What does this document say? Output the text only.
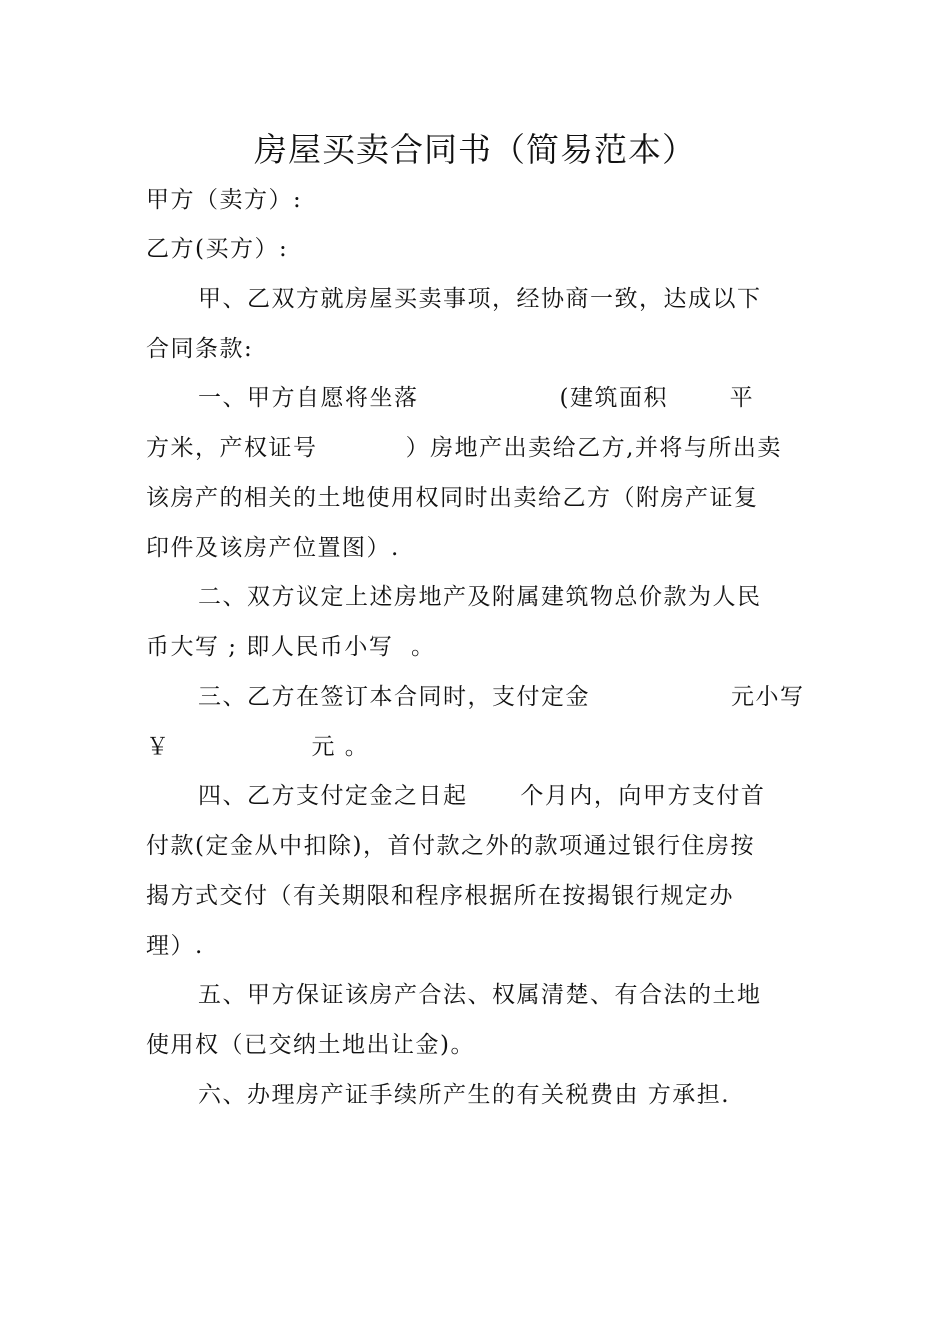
房屋买卖合同书（简易范本）
甲方（卖方）:
乙方(买方）:
甲、乙双方就房屋买卖事项，经协商一致，达成以下
合同条款:
一、甲方自愿将坐落                (建筑面积       平
方米，产权证号          ）房地产出卖给乙方,并将与所出卖
该房产的相关的土地使用权同时出卖给乙方（附房产证复
印件及该房产位置图）.
二、双方议定上述房地产及附属建筑物总价款为人民
币大写 ; 即人民币小写  。
三、乙方在签订本合同时，支付定金                元小写
￥                元 。
四、乙方支付定金之日起      个月内，向甲方支付首
付款(定金从中扣除)，首付款之外的款项通过银行住房按
揭方式交付（有关期限和程序根据所在按揭银行规定办
理）.
五、甲方保证该房产合法、权属清楚、有合法的土地
使用权（已交纳土地出让金)。
六、办理房产证手续所产生的有关税费由 方承担.
